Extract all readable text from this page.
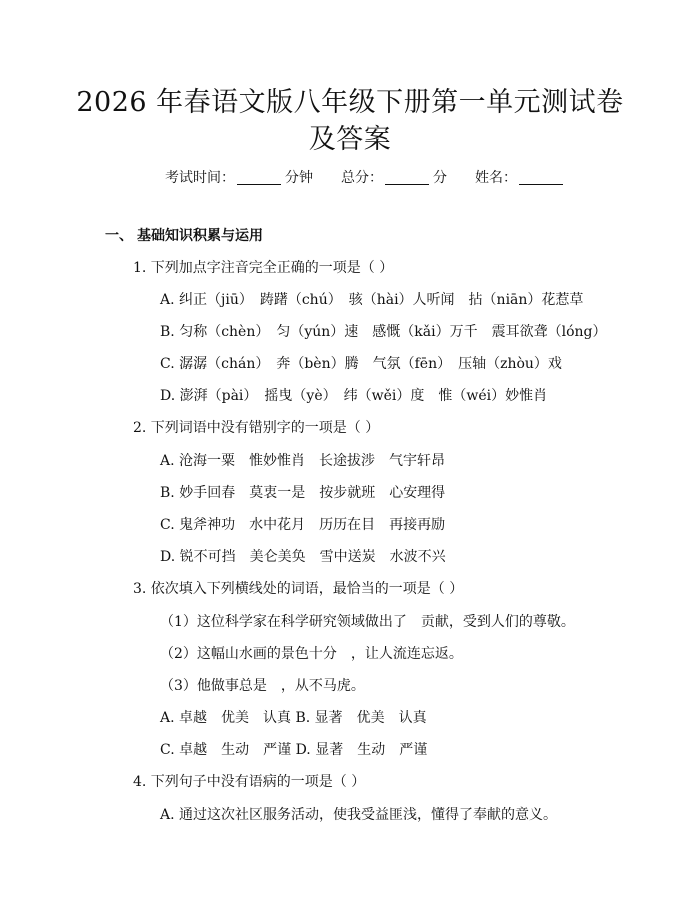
2026 年春语文版八年级下册第一单元测试卷
及答案
考试时间：	分钟 总分：	分 姓名：
一、 基础知识积累与运用
1. 下列加点字注音完全正确的一项是（ ）
A. 纠正（jiū）　踌躇（chú）　骇（hài）人听闻　拈（niān）花惹草
B. 匀称（chèn）　匀（yún）速　感慨（kǎi）万千　震耳欲聋（lóng）
C. 潺潺（chán）　奔（bèn）腾　气氛（fēn）　压轴（zhòu）戏
D. 澎湃（pài）　摇曳（yè）　纬（wěi）度　惟（wéi）妙惟肖
2. 下列词语中没有错别字的一项是（ ）
A. 沧海一粟　惟妙惟肖　长途拔涉　气宇轩昂
B. 妙手回春　莫衷一是　按步就班　心安理得
C. 鬼斧神功　水中花月　历历在目　再接再励
D. 锐不可挡　美仑美奂　雪中送炭　水波不兴
3. 依次填入下列横线处的词语，最恰当的一项是（ ）
（1）这位科学家在科学研究领域做出了　贡献，受到人们的尊敬。
（2）这幅山水画的景色十分　，让人流连忘返。
（3）他做事总是　，从不马虎。
A. 卓越　优美　认真 B. 显著　优美　认真
C. 卓越　生动　严谨 D. 显著　生动　严谨
4. 下列句子中没有语病的一项是（ ）
A. 通过这次社区服务活动，使我受益匪浅，懂得了奉献的意义。
